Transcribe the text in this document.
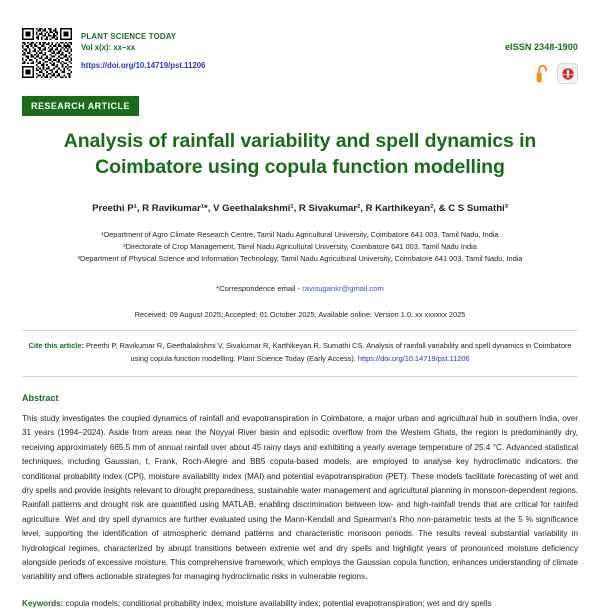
PLANT SCIENCE TODAY
Vol x(x): xx–xx
https://doi.org/10.14719/pst.11206
eISSN 2348-1900
RESEARCH ARTICLE
Analysis of rainfall variability and spell dynamics in Coimbatore using copula function modelling
Preethi P¹, R Ravikumar¹*, V Geethalakshmi¹, R Sivakumar², R Karthikeyan², & C S Sumathi³
¹Department of Agro Climate Research Centre, Tamil Nadu Agricultural University, Coimbatore 641 003, Tamil Nadu, India
²Directorate of Crop Management, Tamil Nadu Agricultural University, Coimbatore 641 003, Tamil Nadu India
³Department of Physical Science and Information Technology, Tamil Nadu Agricultural University, Coimbatore 641 003, Tamil Nadu, India
*Correspondence email - ravisugankr@gmail.com
Received: 09 August 2025; Accepted: 01 October 2025; Available online: Version 1.0: xx xxxxxx 2025
Cite this article: Preethi P, Ravikumar R, Geethalakshmi V, Sivakumar R, Karthikeyan R, Sumathi CS. Analysis of rainfall variability and spell dynamics in Coimbatore using copula function modelling. Plant Science Today (Early Access). https://doi.org/10.14719/pst.11206
Abstract
This study investigates the coupled dynamics of rainfall and evapotranspiration in Coimbatore, a major urban and agricultural hub in southern India, over 31 years (1994–2024). Aside from areas near the Noyyal River basin and episodic overflow from the Western Ghats, the region is predominantly dry, receiving approximately 665.5 mm of annual rainfall over about 45 rainy days and exhibiting a yearly average temperature of 25.4 °C. Advanced statistical techniques, including Gaussian, t, Frank, Roch-Alegre and BB5 copula-based models, are employed to analyse key hydroclimatic indicators: the conditional probability index (CPI), moisture availability index (MAI) and potential evapotranspiration (PET). These models facilitate forecasting of wet and dry spells and provide insights relevant to drought preparedness, sustainable water management and agricultural planning in monsoon-dependent regions. Rainfall patterns and drought risk are quantified using MATLAB, enabling discrimination between low- and high-rainfall trends that are critical for rainfed agriculture. Wet and dry spell dynamics are further evaluated using the Mann-Kendall and Spearman's Rho non-parametric tests at the 5 % significance level, supporting the identification of atmospheric demand patterns and characteristic monsoon periods. The results reveal substantial variability in hydrological regimes, characterized by abrupt transitions between extreme wet and dry spells and highlight years of pronounced moisture deficiency alongside periods of excessive moisture. This comprehensive framework, which employs the Gaussian copula function, enhances understanding of climate variability and offers actionable strategies for managing hydroclimatic risks in vulnerable regions.
Keywords: copula models; conditional probability index; moisture availability index; potential evapotranspiration; wet and dry spells
